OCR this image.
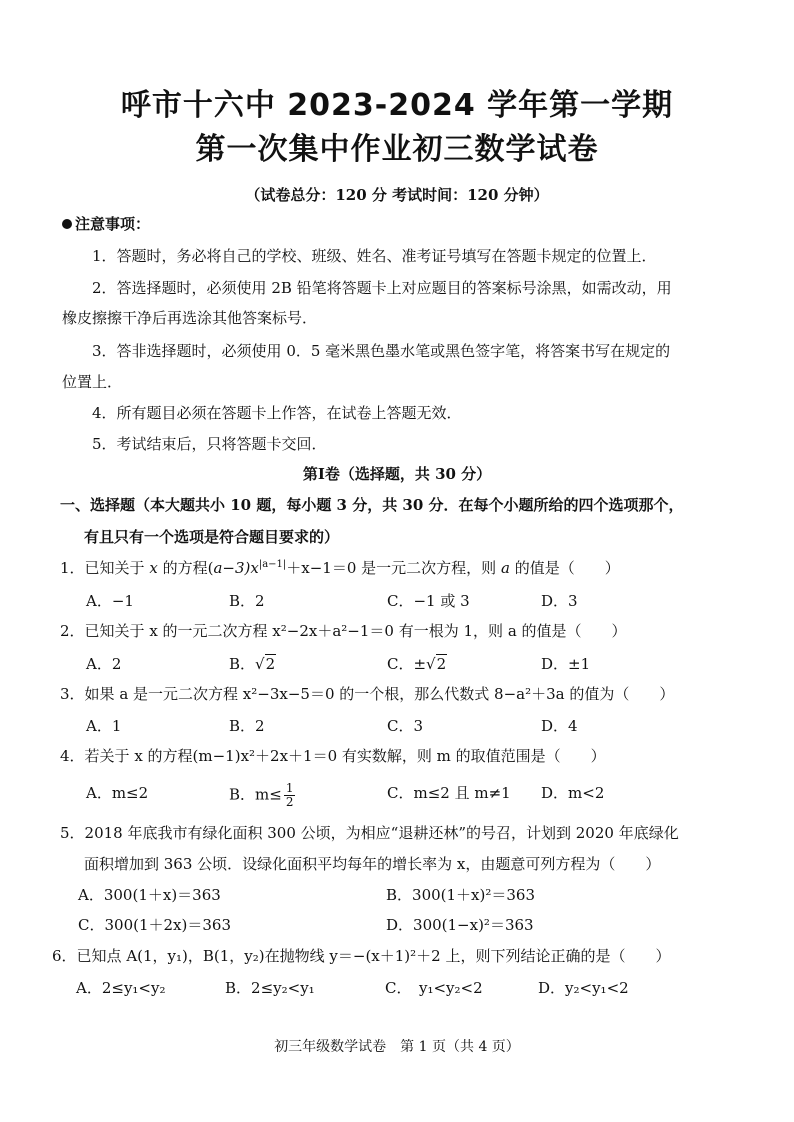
呼市十六中 2023-2024 学年第一学期
第一次集中作业初三数学试卷
（试卷总分：120 分 考试时间：120 分钟）
注意事项：
1．答题时，务必将自己的学校、班级、姓名、准考证号填写在答题卡规定的位置上．
2．答选择题时，必须使用 2B 铅笔将答题卡上对应题目的答案标号涂黑，如需改动，用
橡皮擦擦干净后再选涂其他答案标号．
3．答非选择题时，必须使用 0．5 毫米黑色墨水笔或黑色签字笔，将答案书写在规定的
位置上．
4．所有题目必须在答题卡上作答，在试卷上答题无效．
5．考试结束后，只将答题卡交回．
第Ⅰ卷（选择题，共 30 分）
一、选择题（本大题共小 10 题，每小题 3 分，共 30 分．在每个小题所给的四个选项那个，
有且只有一个选项是符合题目要求的）
1．已知关于 x 的方程$(a-3)x^{|a-1|}+x-1=0$ 是一元二次方程，则 a 的值是（　　）
A．−1	B．2	C．−1 或 3	D．3
2．已知关于 x 的一元二次方程 x²−2x＋a²−1＝0 有一根为 1，则 a 的值是（　　）
A．2	B．√2	C．±√2	D．±1
3．如果 a 是一元二次方程 x²−3x−5＝0 的一个根，那么代数式 8−a²＋3a 的值为（　　）
A．1	B．2	C．3	D．4
4．若关于 x 的方程(m−1)x²＋2x＋1＝0 有实数解，则 m 的取值范围是（　　）
A．m≤2	B．$m\le \frac{1}{2}$	C．m≤2 且 m≠1 D．m<2
5．2018 年底我市有绿化面积 300 公顷，为相应“退耕还林”的号召，计划到 2020 年底绿化
面积增加到 363 公顷．设绿化面积平均每年的增长率为 x，由题意可列方程为（　　）
A．300(1＋x)＝363	B．300(1＋x)²＝363
C．300(1＋2x)＝363	D．300(1−x)²＝363
6．已知点 A(1，y₁)，B(1，y₂)在抛物线 y＝−(x＋1)²＋2 上，则下列结论正确的是（　　）
A．2≤y₁<y₂	B．2≤y₂<y₁	C．　y₁<y₂<2	D．y₂<y₁<2
初三年级数学试卷　第 1 页（共 4 页）
